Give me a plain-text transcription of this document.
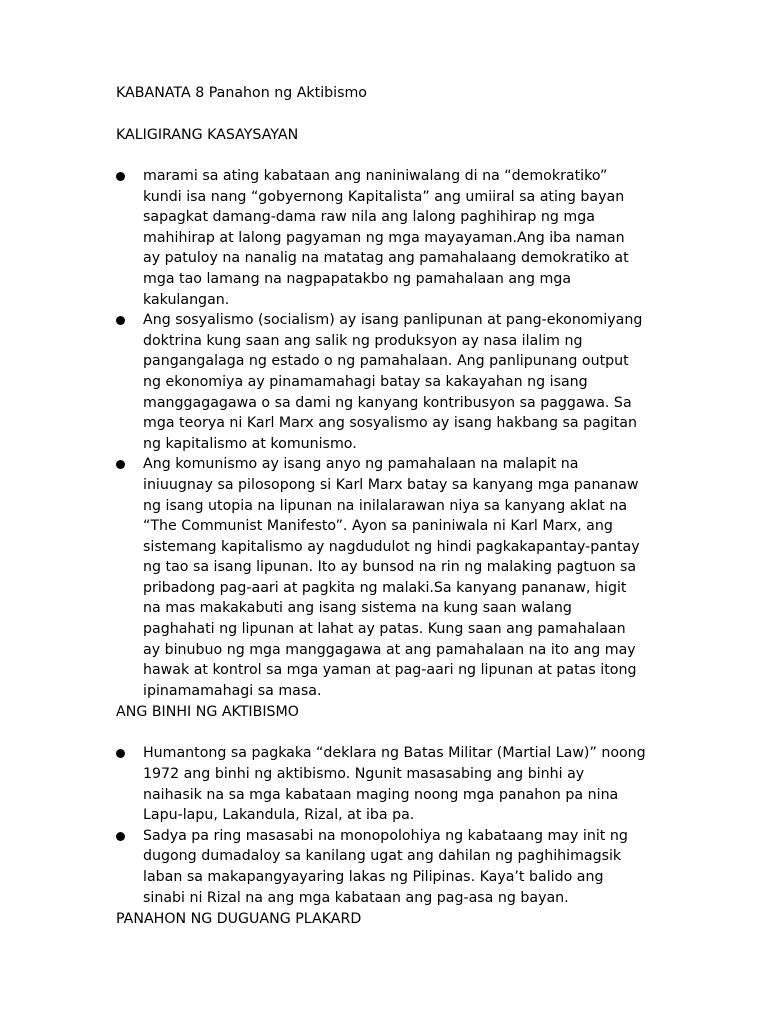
KABANATA 8 Panahon ng Aktibismo
KALIGIRANG KASAYSAYAN
marami sa ating kabataan ang naniniwalang di na “demokratiko” kundi isa nang “gobyernong Kapitalista” ang umiiral sa ating bayan sapagkat damang-dama raw nila ang lalong paghihirap ng mga mahihirap at lalong pagyaman ng mga mayayaman.Ang iba naman ay patuloy na nanalig na matatag ang pamahalaang demokratiko at mga tao lamang na nagpapatakbo ng pamahalaan ang mga kakulangan.
Ang sosyalismo (socialism) ay isang panlipunan at pang-ekonomiyang doktrina kung saan ang salik ng produksyon ay nasa ilalim ng pangangalaga ng estado o ng pamahalaan. Ang panlipunang output ng ekonomiya ay pinamamahagi batay sa kakayahan ng isang manggagagawa o sa dami ng kanyang kontribusyon sa paggawa. Sa mga teorya ni Karl Marx ang sosyalismo ay isang hakbang sa pagitan ng kapitalismo at komunismo.
Ang komunismo ay isang anyo ng pamahalaan na malapit na iniuugnay sa pilosopong si Karl Marx batay sa kanyang mga pananaw ng isang utopia na lipunan na inilalarawan niya sa kanyang aklat na “The Communist Manifesto”. Ayon sa paniniwala ni Karl Marx, ang sistemang kapitalismo ay nagdudulot ng hindi pagkakapantay-pantay ng tao sa isang lipunan. Ito ay bunsod na rin ng malaking pagtuon sa pribadong pag-aari at pagkita ng malaki.Sa kanyang pananaw, higit na mas makakabuti ang isang sistema na kung saan walang paghahati ng lipunan at lahat ay patas. Kung saan ang pamahalaan ay binubuo ng mga manggagawa at ang pamahalaan na ito ang may hawak at kontrol sa mga yaman at pag-aari ng lipunan at patas itong ipinamamahagi sa masa.
ANG BINHI NG AKTIBISMO
Humantong sa pagkaka “deklara ng Batas Militar (Martial Law)” noong 1972 ang binhi ng aktibismo. Ngunit masasabing ang binhi ay naihasik na sa mga kabataan maging noong mga panahon pa nina Lapu-lapu, Lakandula, Rizal, at iba pa.
Sadya pa ring masasabi na monopolohiya ng kabataang may init ng dugong dumadaloy sa kanilang ugat ang dahilan ng paghihimagsik laban sa makapangyayaring lakas ng Pilipinas. Kaya’t balido ang sinabi ni Rizal na ang mga kabataan ang pag-asa ng bayan.
PANAHON NG DUGUANG PLAKARD
